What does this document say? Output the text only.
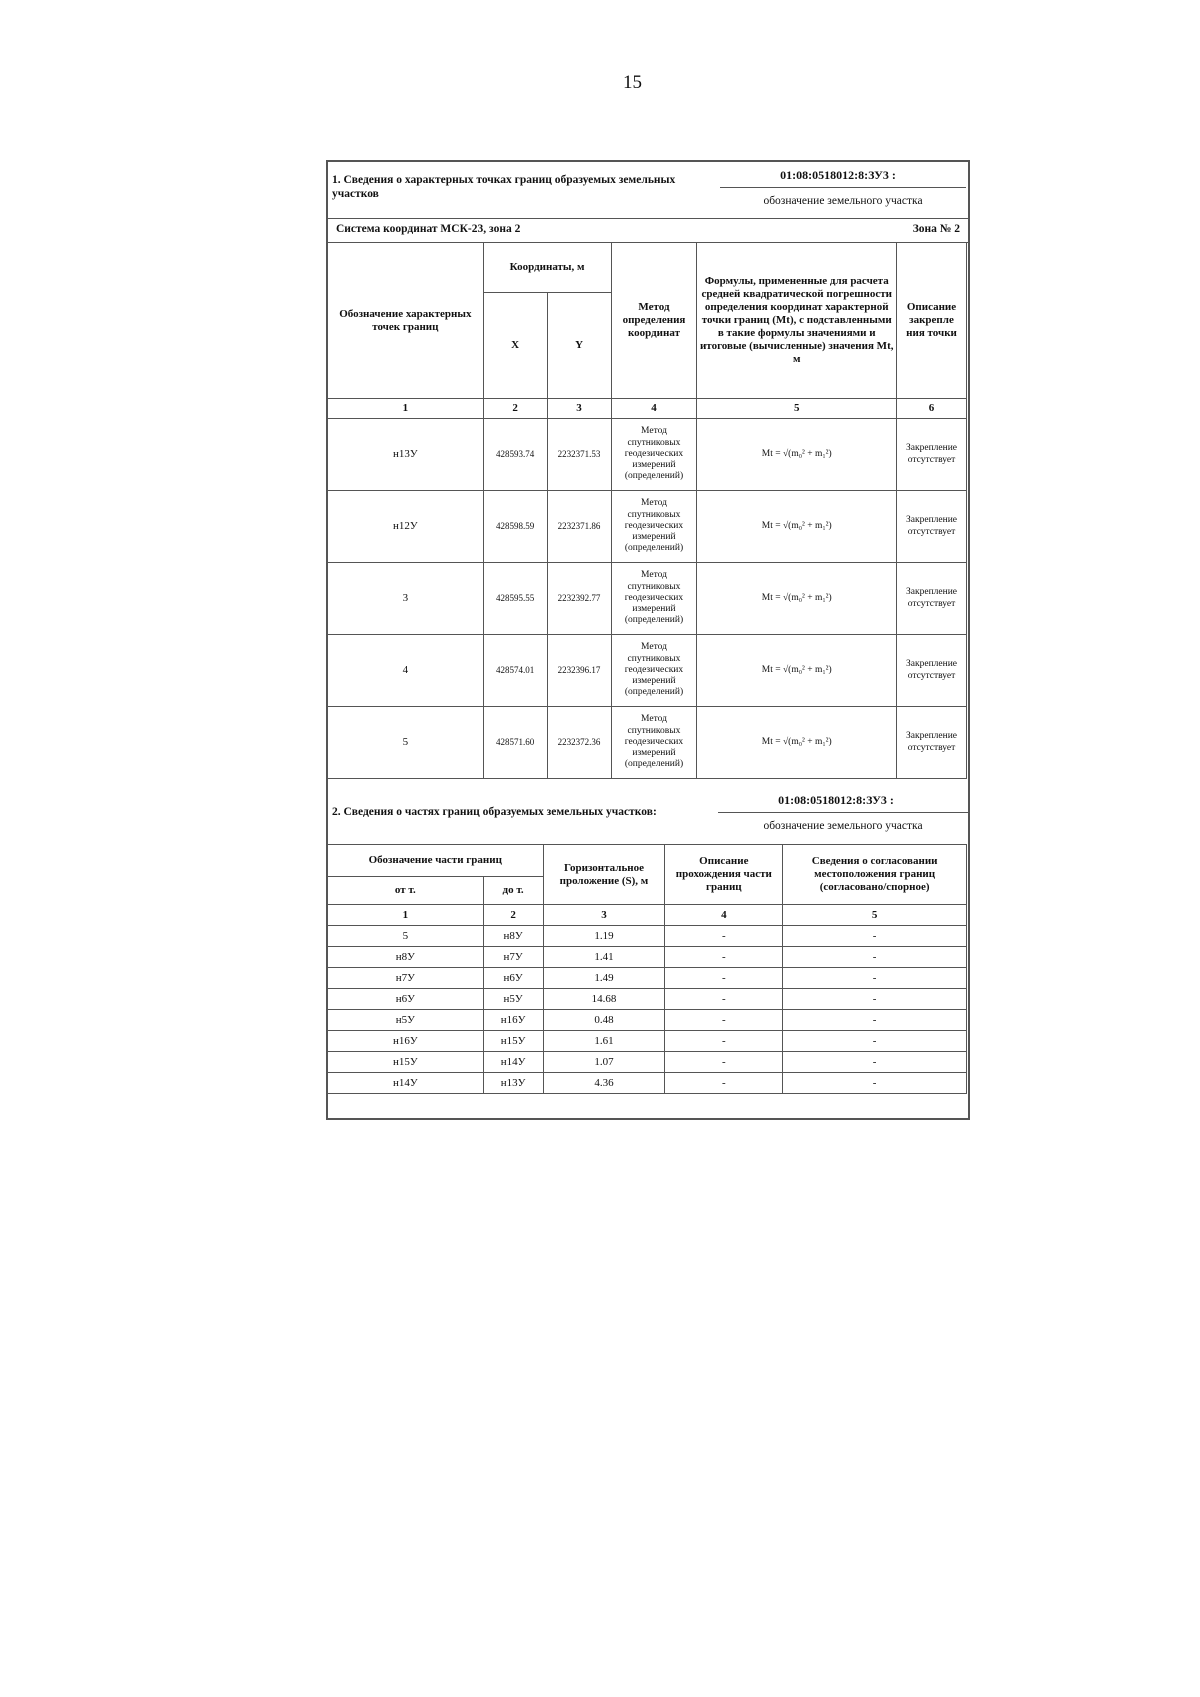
15
1. Сведения о характерных точках границ образуемых земельных участков
01:08:0518012:8:ЗУ3 :
обозначение земельного участка
Система координат МСК-23, зона 2	Зона № 2
Обозначение характерных точек границ	Координаты, м		Метод определения координат	Формулы, примененные для расчета средней квадратической погрешности определения координат характерной точки границ (Mt), с подставленными в такие формулы значениями и итоговые (вычисленные) значения Mt, м	Описание закрепле ния точки
	X	Y			
1	2	3	4	5	6
н13У	428593.74	2232371.53	Метод спутниковых геодезических измерений (определений)	Mt = √(m₀² + m₁²)	Закрепление отсутствует
н12У	428598.59	2232371.86	Метод спутниковых геодезических измерений (определений)	Mt = √(m₀² + m₁²)	Закрепление отсутствует
3	428595.55	2232392.77	Метод спутниковых геодезических измерений (определений)	Mt = √(m₀² + m₁²)	Закрепление отсутствует
4	428574.01	2232396.17	Метод спутниковых геодезических измерений (определений)	Mt = √(m₀² + m₁²)	Закрепление отсутствует
5	428571.60	2232372.36	Метод спутниковых геодезических измерений (определений)	Mt = √(m₀² + m₁²)	Закрепление отсутствует
2. Сведения о частях границ образуемых земельных участков:
01:08:0518012:8:ЗУ3 :
обозначение земельного участка
Обозначение части границ		Горизонтальное проложение (S), м	Описание прохождения части границ	Сведения о согласовании местоположения границ (согласовано/спорное)
от т.	до т.			
1	2	3	4	5
5	н8У	1.19	-	-
н8У	н7У	1.41	-	-
н7У	н6У	1.49	-	-
н6У	н5У	14.68	-	-
н5У	н16У	0.48	-	-
н16У	н15У	1.61	-	-
н15У	н14У	1.07	-	-
н14У	н13У	4.36	-	-
